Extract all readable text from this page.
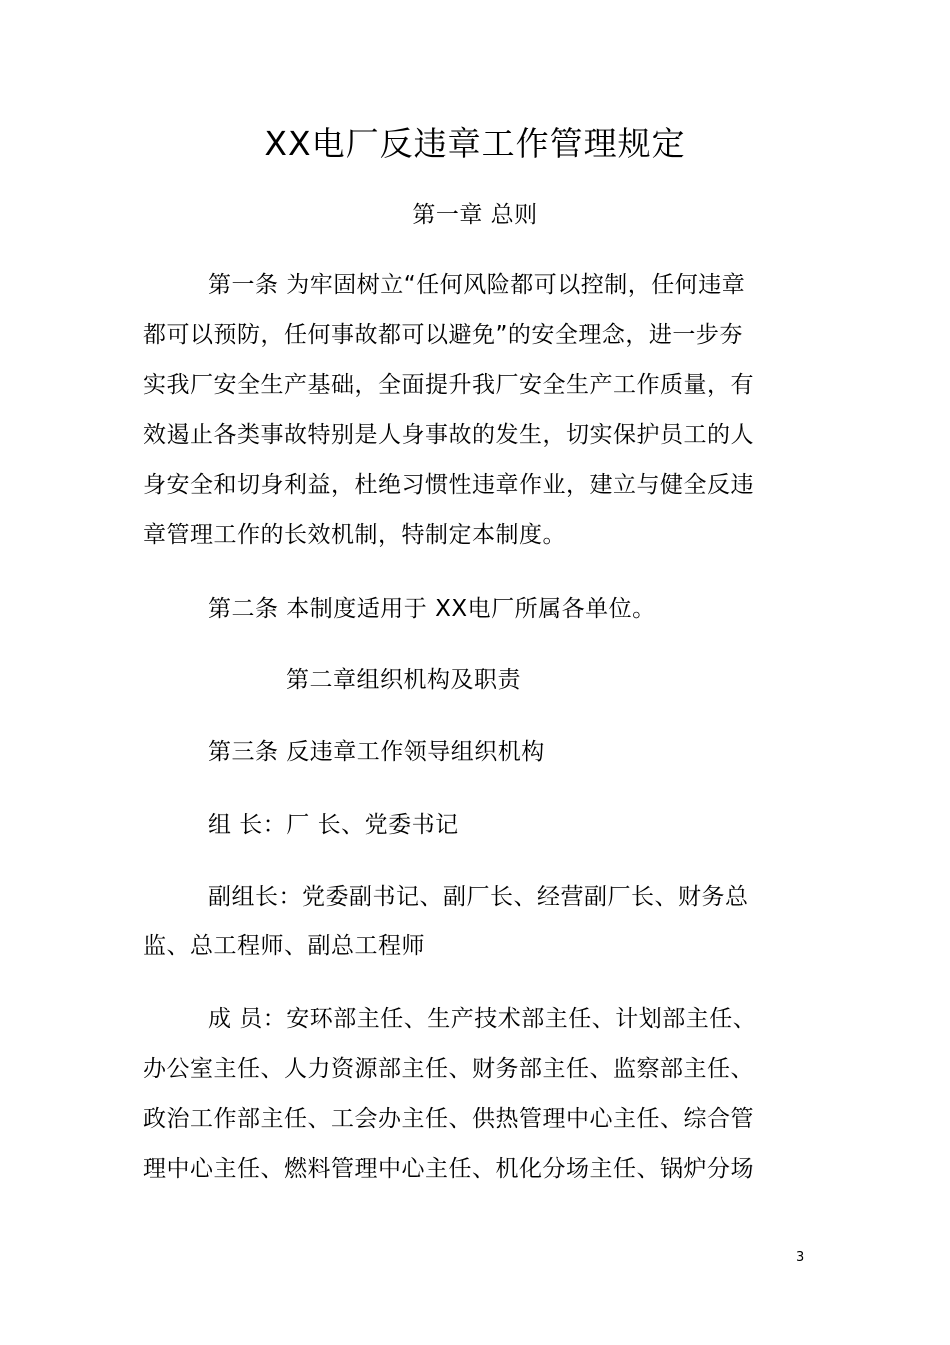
XX电厂反违章工作管理规定
第一章 总则
第一条 为牢固树立“任何风险都可以控制，任何违章
都可以预防，任何事故都可以避免”的安全理念，进一步夯
实我厂安全生产基础，全面提升我厂安全生产工作质量，有
效遏止各类事故特别是人身事故的发生，切实保护员工的人
身安全和切身利益，杜绝习惯性违章作业，建立与健全反违
章管理工作的长效机制，特制定本制度。
第二条 本制度适用于 XX电厂所属各单位。
第二章组织机构及职责
第三条 反违章工作领导组织机构
组 长：厂 长、党委书记
副组长：党委副书记、副厂长、经营副厂长、财务总
监、总工程师、副总工程师
成 员：安环部主任、生产技术部主任、计划部主任、
办公室主任、人力资源部主任、财务部主任、监察部主任、
政治工作部主任、工会办主任、供热管理中心主任、综合管
理中心主任、燃料管理中心主任、机化分场主任、锅炉分场
3
